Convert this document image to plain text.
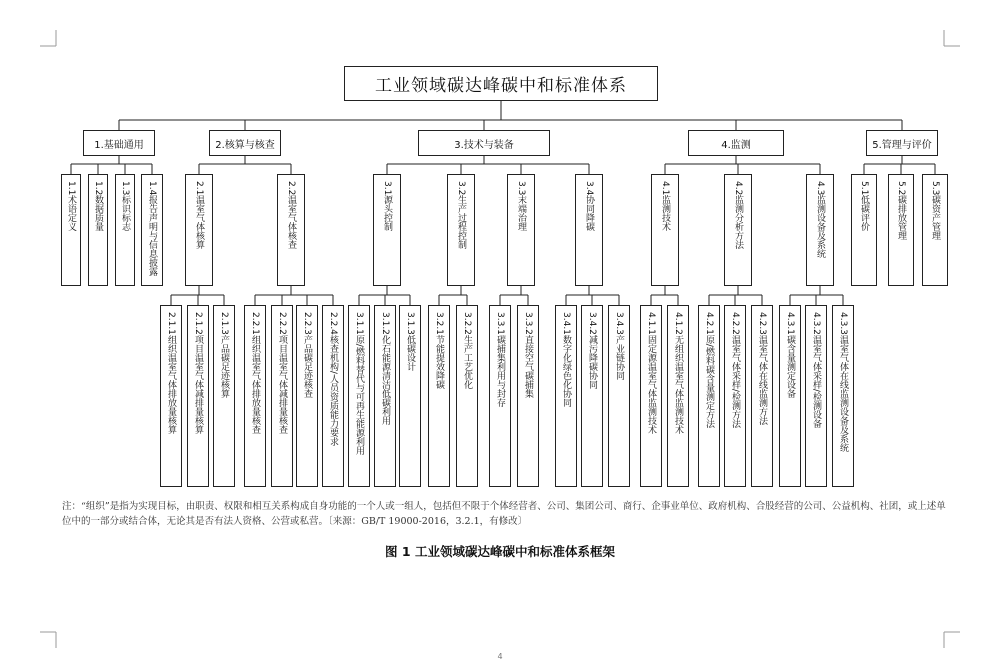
工业领域碳达峰碳中和标准体系
1.基础通用
1.1术语定义 1.2数据质量 1.3标识标志 1.4报告声明与信息披露
2.核算与核查
2.1温室气体核算
2.1.1组织温室气体排放量核算 2.1.2项目温室气体减排量核算 2.1.3产品碳足迹核算
2.2温室气体核查
2.2.1组织温室气体排放量核查 2.2.2项目温室气体减排量核查 2.2.3产品碳足迹核查 2.2.4核查机构/人员资质能力要求
3.技术与装备
3.1源头控制
3.1.1原/燃料替代与可再生能源利用 3.1.2化石能源清洁低碳利用 3.1.3低碳设计
3.2生产过程控制
3.2.1节能提效降碳 3.2.2生产工艺优化
3.3末端治理
3.3.1碳捕集利用与封存 3.3.2直接空气碳捕集
3.4协同降碳
3.4.1数字化绿色化协同 3.4.2减污降碳协同 3.4.3产业链协同
4.监测
4.1监测技术
4.1.1固定源温室气体监测技术 4.1.2无组织温室气体监测技术
4.2监测分析方法
4.2.1原/燃料碳含量测定方法 4.2.2温室气体采样/检测方法 4.2.3温室气体在线监测方法
4.3监测设备及系统
4.3.1碳含量测定设备 4.3.2温室气体采样/检测设备 4.3.3温室气体在线监测设备及系统
5.管理与评价
5.1低碳评价	5.2碳排放管理	5.3碳资产管理
注：“组织”是指为实现目标，由职责、权限和相互关系构成自身功能的一个人或一组人，包括但不限于个体经营者、公司、集团公司、商行、企事业单位、政府机构、合股经营的公司、公益机构、社团，或上述单位中的一部分或结合体，无论其是否有法人资格、公营或私营。〔来源：GB/T 19000-2016，3.2.1，有修改〕
图 1 工业领域碳达峰碳中和标准体系框架
4
